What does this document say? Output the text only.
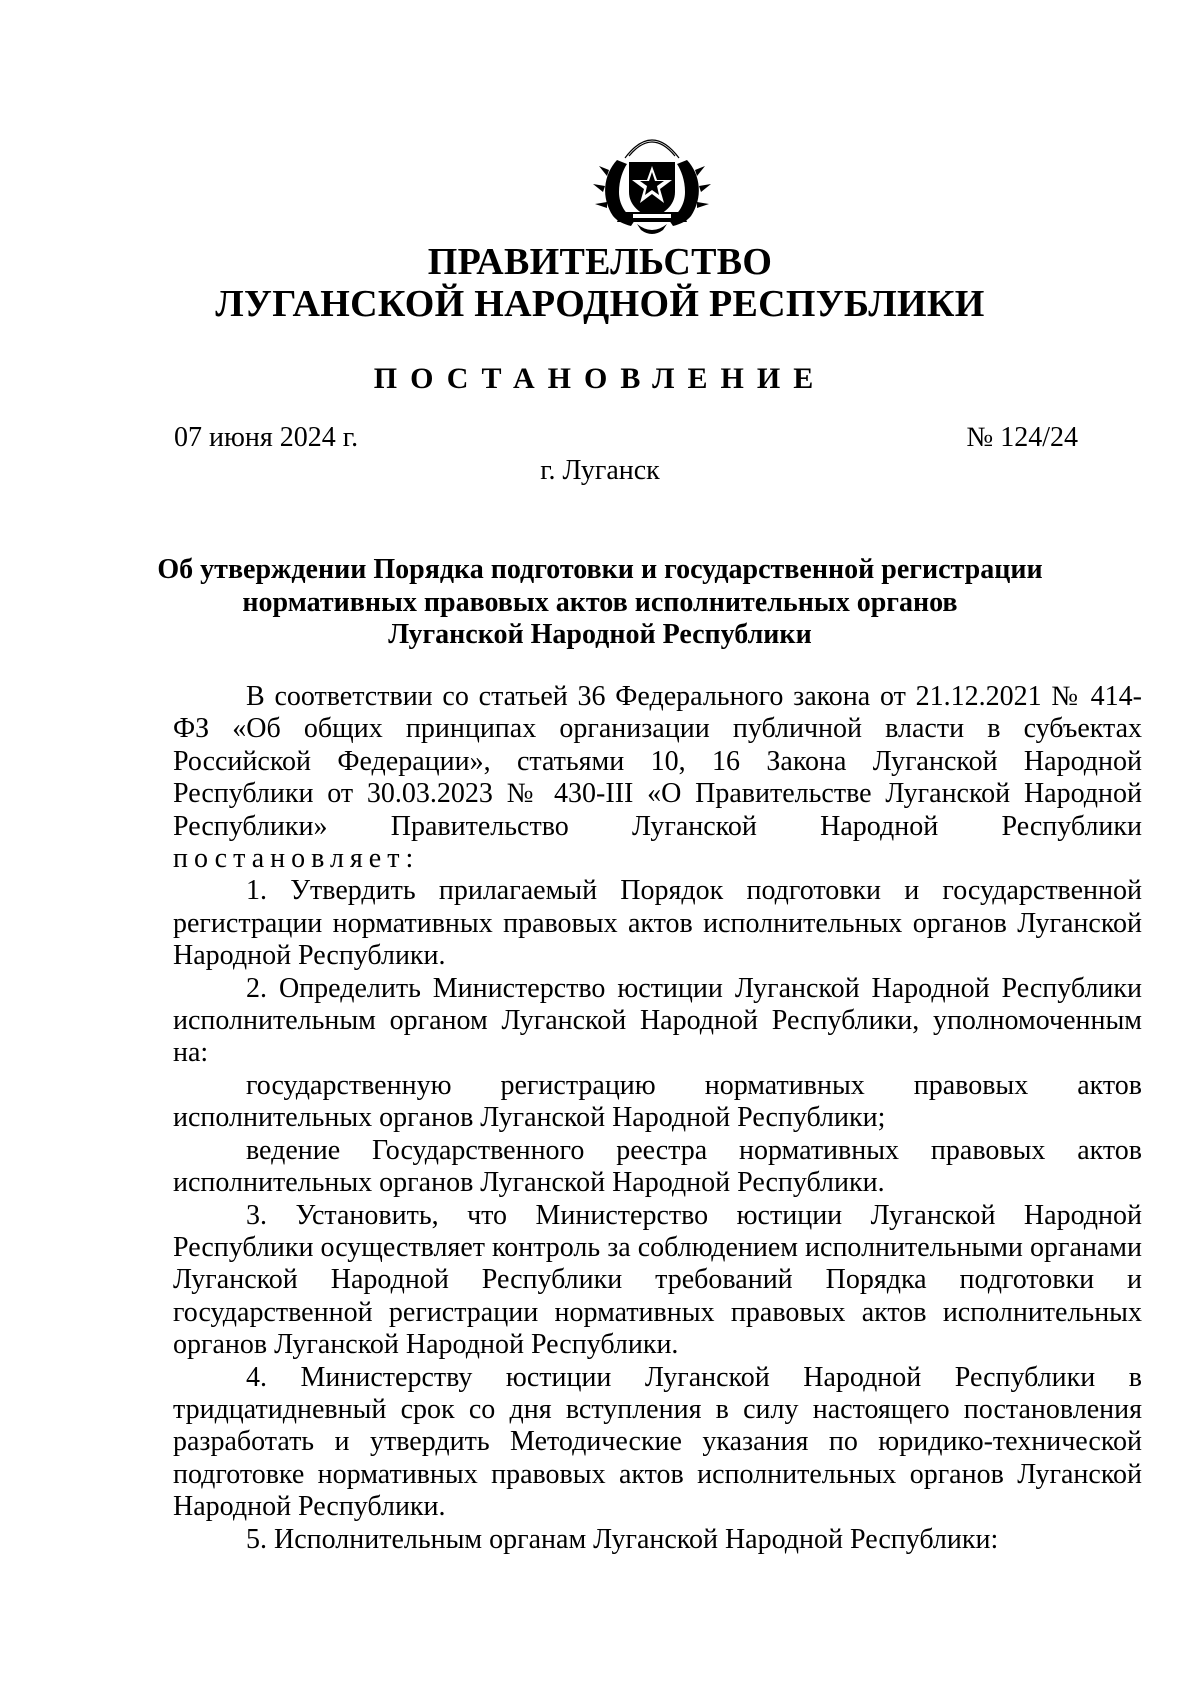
ПРАВИТЕЛЬСТВО
ЛУГАНСКОЙ НАРОДНОЙ РЕСПУБЛИКИ
ПОСТАНОВЛЕНИЕ
07 июня 2024 г.	№ 124/24
г. Луганск
Об утверждении Порядка подготовки и государственной регистрации
нормативных правовых актов исполнительных органов
Луганской Народной Республики

В соответствии со статьей 36 Федерального закона от 21.12.2021 № 414-ФЗ «Об общих принципах организации публичной власти в субъектах Российской Федерации», статьями 10, 16 Закона Луганской Народной Республики от 30.03.2023 № 430-III «О Правительстве Луганской Народной Республики» Правительство Луганской Народной Республики постановляет:

1. Утвердить прилагаемый Порядок подготовки и государственной регистрации нормативных правовых актов исполнительных органов Луганской Народной Республики.

2. Определить Министерство юстиции Луганской Народной Республики исполнительным органом Луганской Народной Республики, уполномоченным на:

государственную регистрацию нормативных правовых актов исполнительных органов Луганской Народной Республики;

ведение Государственного реестра нормативных правовых актов исполнительных органов Луганской Народной Республики.

3. Установить, что Министерство юстиции Луганской Народной Республики осуществляет контроль за соблюдением исполнительными органами Луганской Народной Республики требований Порядка подготовки и государственной регистрации нормативных правовых актов исполнительных органов Луганской Народной Республики.

4. Министерству юстиции Луганской Народной Республики в тридцатидневный срок со дня вступления в силу настоящего постановления разработать и утвердить Методические указания по юридико-технической подготовке нормативных правовых актов исполнительных органов Луганской Народной Республики.

5. Исполнительным органам Луганской Народной Республики:
